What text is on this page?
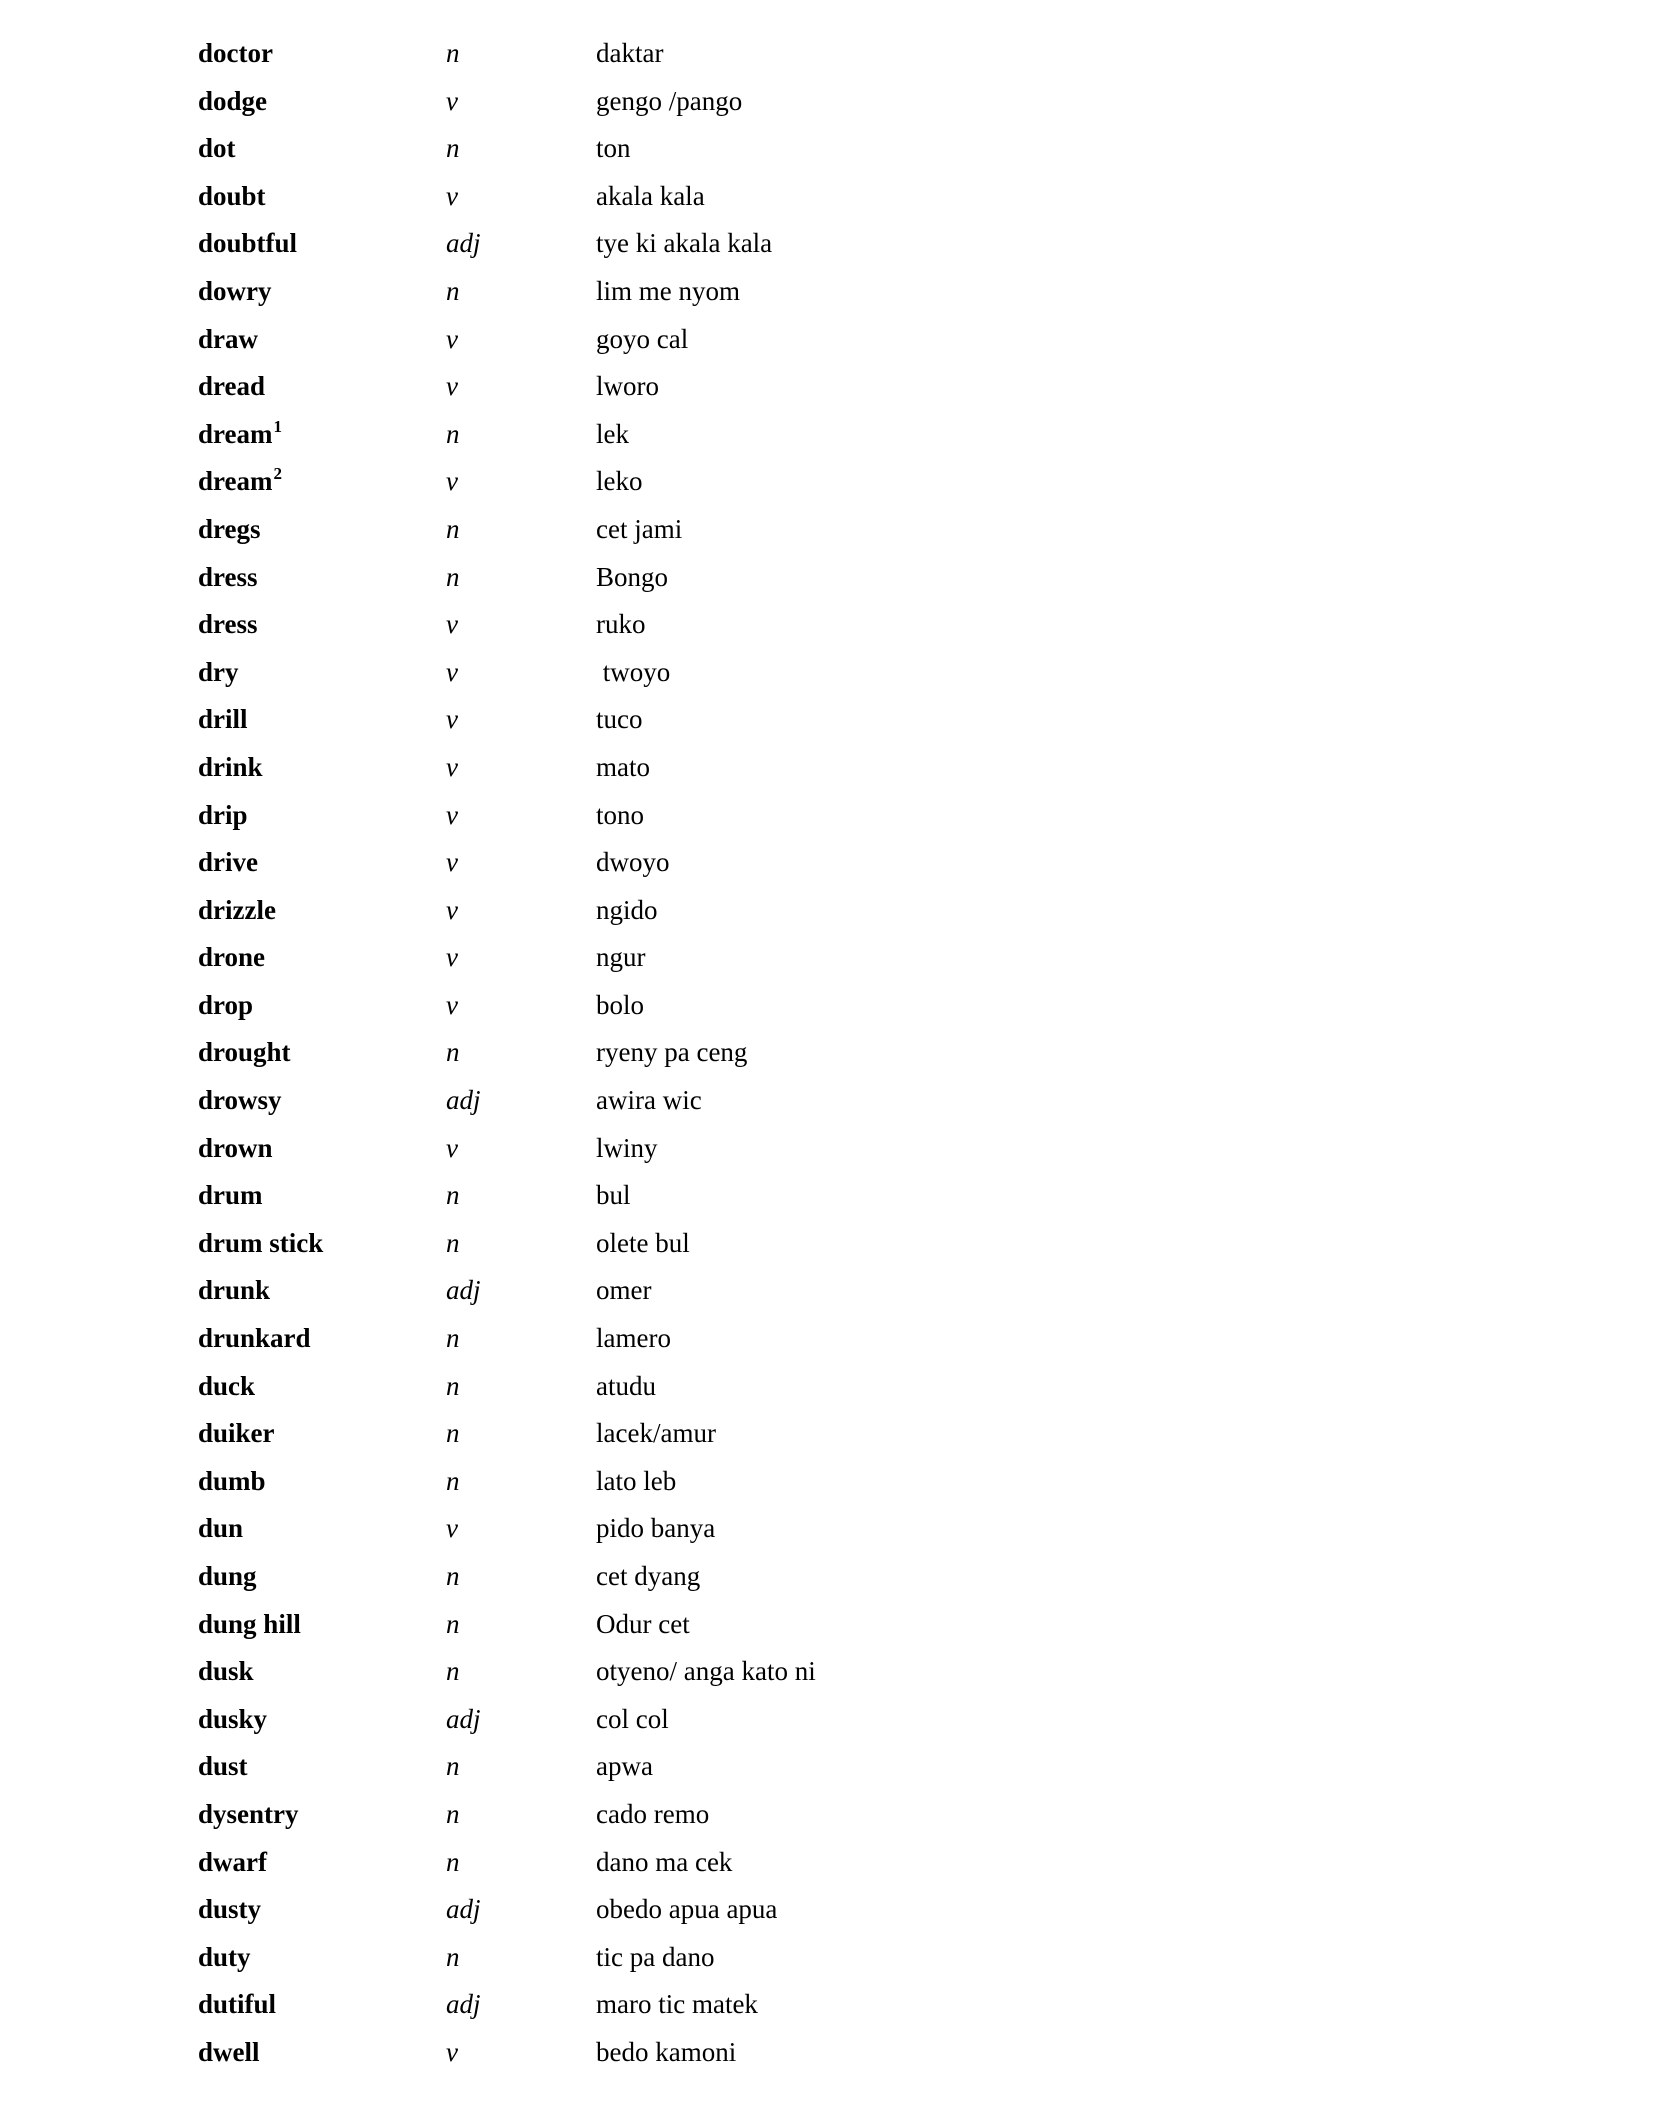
doctor	n	daktar
dodge	v	gengo /pango
dot	n	ton
doubt	v	akala kala
doubtful	adj	tye ki akala kala
dowry	n	lim me nyom
draw	v	goyo cal
dread	v	lworo
dream$^1$	n	lek
dream$^2$	v	leko
dregs	n	cet jami
dress	n	Bongo
dress	v	ruko
dry	v	twoyo
drill	v	tuco
drink	v	mato
drip	v	tono
drive	v	dwoyo
drizzle	v	ngido
drone	v	ngur
drop	v	bolo
drought	n	ryeny pa ceng
drowsy	adj	awira wic
drown	v	lwiny
drum	n	bul
drum stick	n	olete bul
drunk	adj	omer
drunkard	n	lamero
duck	n	atudu
duiker	n	lacek/amur
dumb	n	lato leb
dun	v	pido banya
dung	n	cet dyang
dung hill	n	Odur cet
dusk	n	otyeno/ anga kato ni
dusky	adj	col col
dust	n	apwa
dysentry	n	cado remo
dwarf	n	dano ma cek
dusty	adj	obedo apua apua
duty	n	tic pa dano
dutiful	adj	maro tic matek
dwell	v	bedo kamoni
